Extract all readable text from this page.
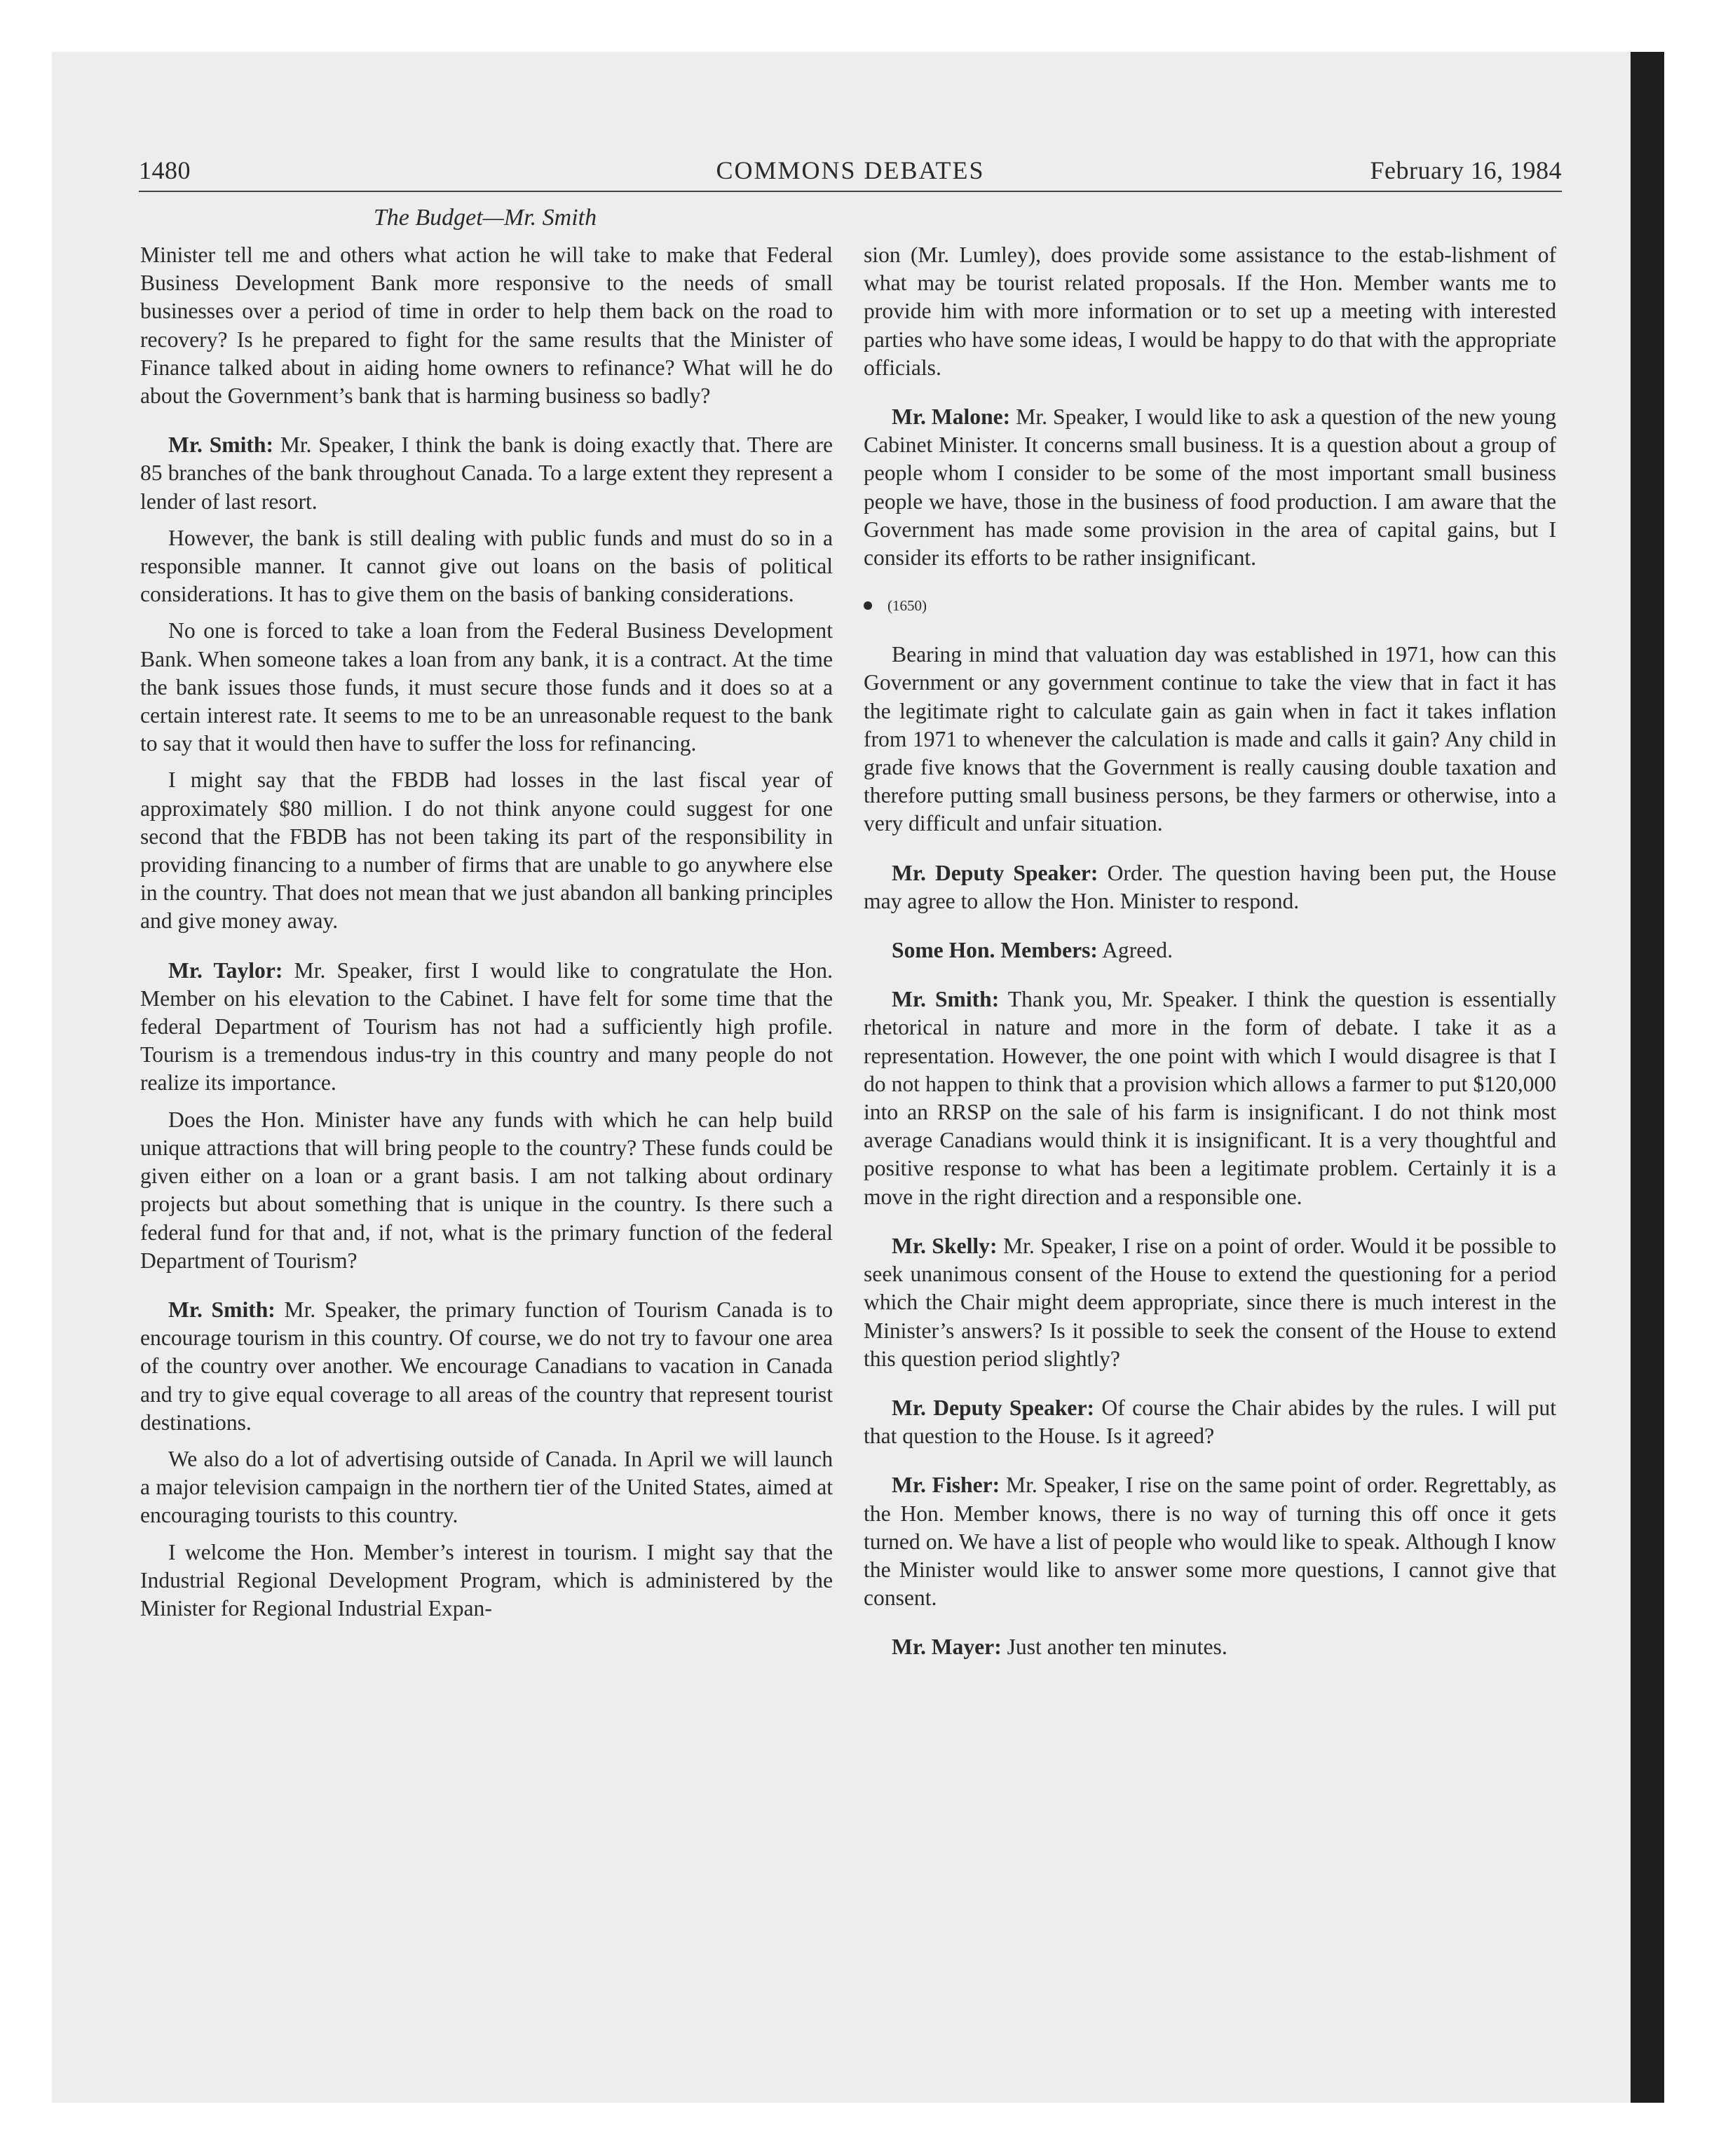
1480	COMMONS DEBATES	February 16, 1984
The Budget—Mr. Smith

Minister tell me and others what action he will take to make that Federal Business Development Bank more responsive to the needs of small businesses over a period of time in order to help them back on the road to recovery? Is he prepared to fight for the same results that the Minister of Finance talked about in aiding home owners to refinance? What will he do about the Government’s bank that is harming business so badly?

Mr. Smith: Mr. Speaker, I think the bank is doing exactly that. There are 85 branches of the bank throughout Canada. To a large extent they represent a lender of last resort.

However, the bank is still dealing with public funds and must do so in a responsible manner. It cannot give out loans on the basis of political considerations. It has to give them on the basis of banking considerations.

No one is forced to take a loan from the Federal Business Development Bank. When someone takes a loan from any bank, it is a contract. At the time the bank issues those funds, it must secure those funds and it does so at a certain interest rate. It seems to me to be an unreasonable request to the bank to say that it would then have to suffer the loss for refinancing.

I might say that the FBDB had losses in the last fiscal year of approximately $80 million. I do not think anyone could suggest for one second that the FBDB has not been taking its part of the responsibility in providing financing to a number of firms that are unable to go anywhere else in the country. That does not mean that we just abandon all banking principles and give money away.

Mr. Taylor: Mr. Speaker, first I would like to congratulate the Hon. Member on his elevation to the Cabinet. I have felt for some time that the federal Department of Tourism has not had a sufficiently high profile. Tourism is a tremendous indus-try in this country and many people do not realize its importance.

Does the Hon. Minister have any funds with which he can help build unique attractions that will bring people to the country? These funds could be given either on a loan or a grant basis. I am not talking about ordinary projects but about something that is unique in the country. Is there such a federal fund for that and, if not, what is the primary function of the federal Department of Tourism?

Mr. Smith: Mr. Speaker, the primary function of Tourism Canada is to encourage tourism in this country. Of course, we do not try to favour one area of the country over another. We encourage Canadians to vacation in Canada and try to give equal coverage to all areas of the country that represent tourist destinations.

We also do a lot of advertising outside of Canada. In April we will launch a major television campaign in the northern tier of the United States, aimed at encouraging tourists to this country.

I welcome the Hon. Member’s interest in tourism. I might say that the Industrial Regional Development Program, which is administered by the Minister for Regional Industrial Expan-

sion (Mr. Lumley), does provide some assistance to the estab-lishment of what may be tourist related proposals. If the Hon. Member wants me to provide him with more information or to set up a meeting with interested parties who have some ideas, I would be happy to do that with the appropriate officials.

Mr. Malone: Mr. Speaker, I would like to ask a question of the new young Cabinet Minister. It concerns small business. It is a question about a group of people whom I consider to be some of the most important small business people we have, those in the business of food production. I am aware that the Government has made some provision in the area of capital gains, but I consider its efforts to be rather insignificant.

(1650)

Bearing in mind that valuation day was established in 1971, how can this Government or any government continue to take the view that in fact it has the legitimate right to calculate gain as gain when in fact it takes inflation from 1971 to whenever the calculation is made and calls it gain? Any child in grade five knows that the Government is really causing double taxation and therefore putting small business persons, be they farmers or otherwise, into a very difficult and unfair situation.

Mr. Deputy Speaker: Order. The question having been put, the House may agree to allow the Hon. Minister to respond.

Some Hon. Members: Agreed.

Mr. Smith: Thank you, Mr. Speaker. I think the question is essentially rhetorical in nature and more in the form of debate. I take it as a representation. However, the one point with which I would disagree is that I do not happen to think that a provision which allows a farmer to put $120,000 into an RRSP on the sale of his farm is insignificant. I do not think most average Canadians would think it is insignificant. It is a very thoughtful and positive response to what has been a legitimate problem. Certainly it is a move in the right direction and a responsible one.

Mr. Skelly: Mr. Speaker, I rise on a point of order. Would it be possible to seek unanimous consent of the House to extend the questioning for a period which the Chair might deem appropriate, since there is much interest in the Minister’s answers? Is it possible to seek the consent of the House to extend this question period slightly?

Mr. Deputy Speaker: Of course the Chair abides by the rules. I will put that question to the House. Is it agreed?

Mr. Fisher: Mr. Speaker, I rise on the same point of order. Regrettably, as the Hon. Member knows, there is no way of turning this off once it gets turned on. We have a list of people who would like to speak. Although I know the Minister would like to answer some more questions, I cannot give that consent.

Mr. Mayer: Just another ten minutes.
